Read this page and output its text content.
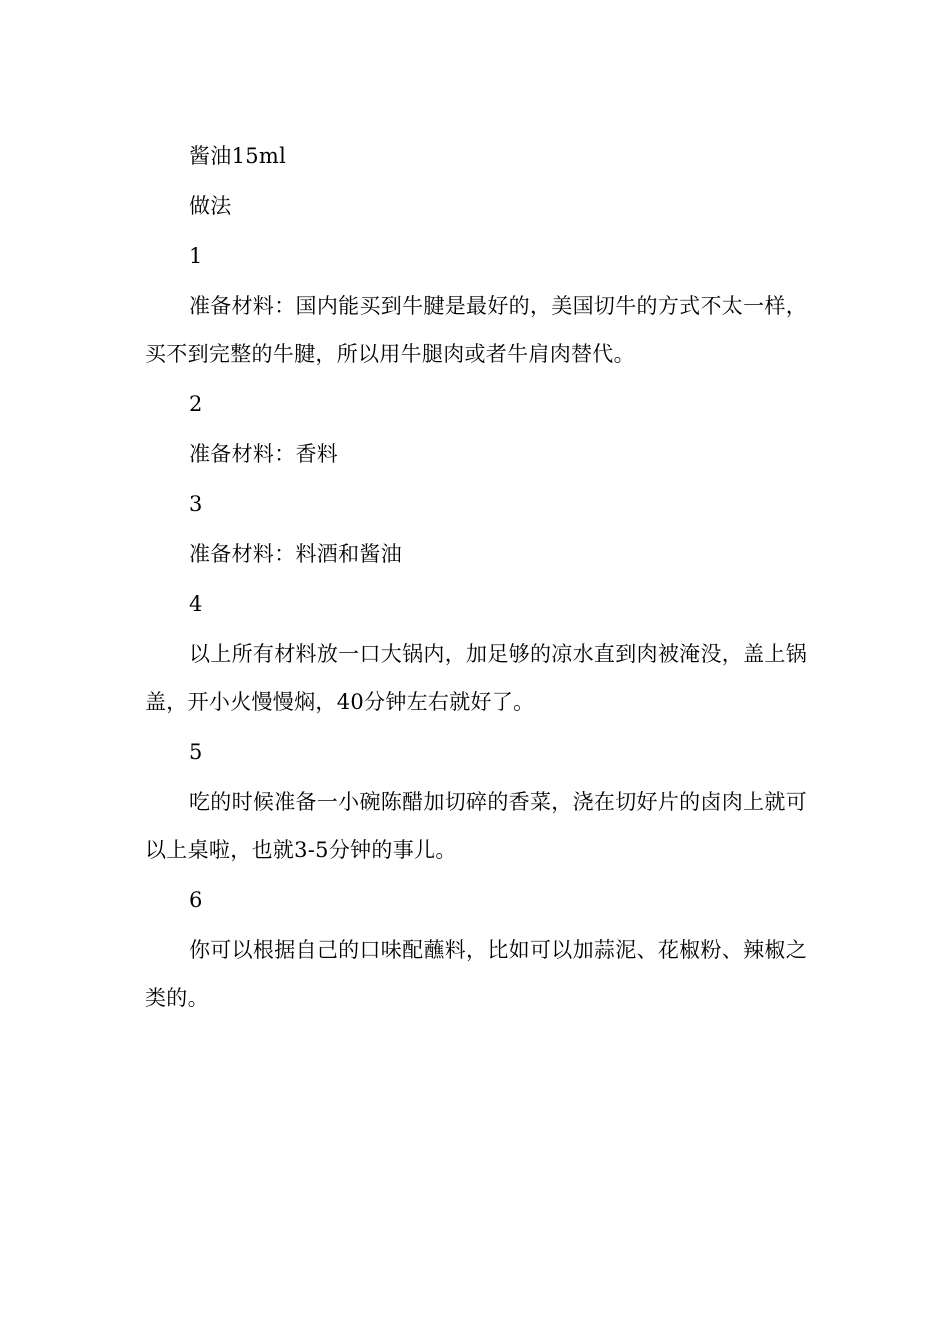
酱油15ml

做法

1

准备材料：国内能买到牛腱是最好的，美国切牛的方式不太一样，买不到完整的牛腱，所以用牛腿肉或者牛肩肉替代。

2

准备材料：香料

3

准备材料：料酒和酱油

4

以上所有材料放一口大锅内，加足够的凉水直到肉被淹没，盖上锅盖，开小火慢慢焖，40分钟左右就好了。

5

吃的时候准备一小碗陈醋加切碎的香菜，浇在切好片的卤肉上就可以上桌啦，也就3-5分钟的事儿。

6

你可以根据自己的口味配蘸料，比如可以加蒜泥、花椒粉、辣椒之类的。
